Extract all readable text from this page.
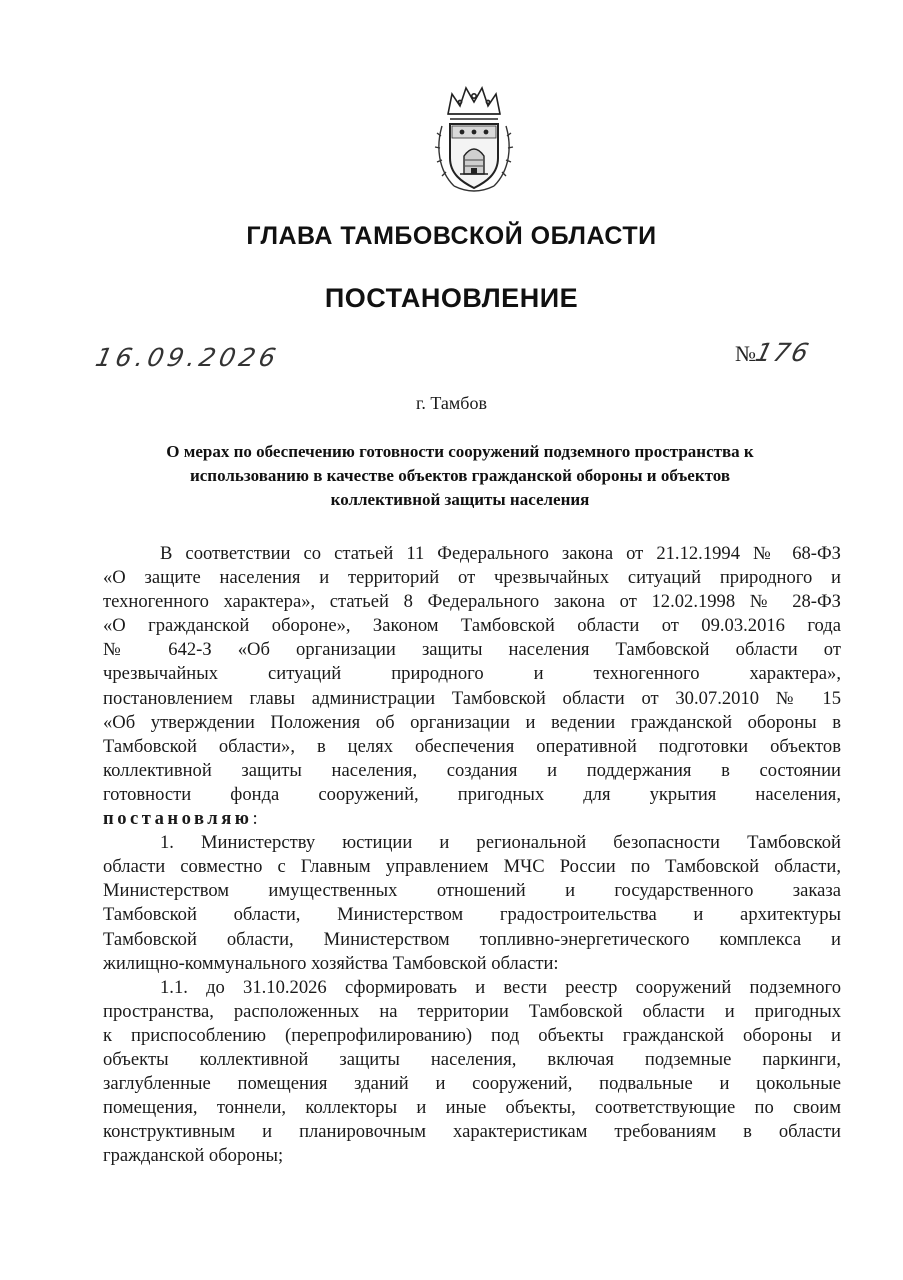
ГЛАВА ТАМБОВСКОЙ ОБЛАСТИ
ПОСТАНОВЛЕНИЕ
16.09.2026	№176
г. Тамбов
О мерах по обеспечению готовности сооружений подземного пространства к
использованию в качестве объектов гражданской обороны и объектов
коллективной защиты населения
В соответствии со статьей 11 Федерального закона от 21.12.1994 № 68-ФЗ
«О защите населения и территорий от чрезвычайных ситуаций природного и
техногенного характера», статьей 8 Федерального закона от 12.02.1998 № 28-ФЗ
«О гражданской обороне», Законом Тамбовской области от 09.03.2016 года
№ 642-З «Об организации защиты населения Тамбовской области от
чрезвычайных ситуаций природного и техногенного характера»,
постановлением главы администрации Тамбовской области от 30.07.2010 № 15
«Об утверждении Положения об организации и ведении гражданской обороны в
Тамбовской области», в целях обеспечения оперативной подготовки объектов
коллективной защиты населения, создания и поддержания в состоянии
готовности фонда сооружений, пригодных для укрытия населения,
постановляю:
1. Министерству юстиции и региональной безопасности Тамбовской
области совместно с Главным управлением МЧС России по Тамбовской области,
Министерством имущественных отношений и государственного заказа
Тамбовской области, Министерством градостроительства и архитектуры
Тамбовской области, Министерством топливно-энергетического комплекса и
жилищно-коммунального хозяйства Тамбовской области:
1.1. до 31.10.2026 сформировать и вести реестр сооружений подземного
пространства, расположенных на территории Тамбовской области и пригодных
к приспособлению (перепрофилированию) под объекты гражданской обороны и
объекты коллективной защиты населения, включая подземные паркинги,
заглубленные помещения зданий и сооружений, подвальные и цокольные
помещения, тоннели, коллекторы и иные объекты, соответствующие по своим
конструктивным и планировочным характеристикам требованиям в области
гражданской обороны;
